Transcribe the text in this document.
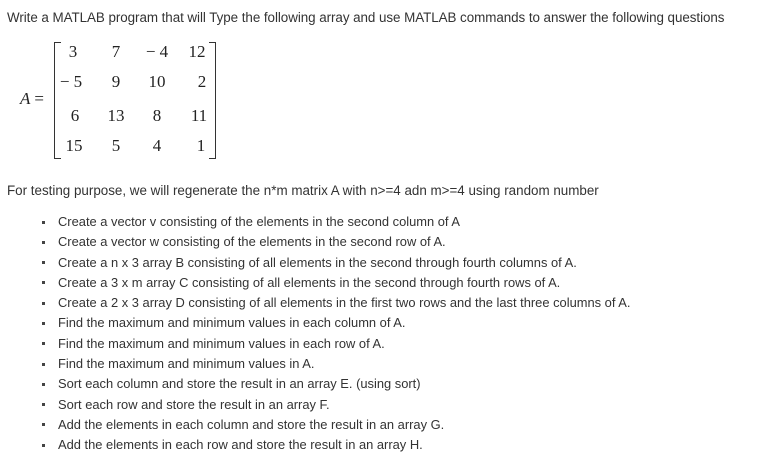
Write a MATLAB program that will Type the following array and use MATLAB commands to answer the following questions
A =
3	7	− 4	12
− 5	9	10	2
6	13	8	11
15	5	4	1
For testing purpose, we will regenerate the n*m matrix A with n>=4 adn m>=4 using random number
Create a vector v consisting of the elements in the second column of A
Create a vector w consisting of the elements in the second row of A.
Create a n x 3 array B consisting of all elements in the second through fourth columns of A.
Create a 3 x m array C consisting of all elements in the second through fourth rows of A.
Create a 2 x 3 array D consisting of all elements in the first two rows and the last three columns of A.
Find the maximum and minimum values in each column of A.
Find the maximum and minimum values in each row of A.
Find the maximum and minimum values in A.
Sort each column and store the result in an array E. (using sort)
Sort each row and store the result in an array F.
Add the elements in each column and store the result in an array G.
Add the elements in each row and store the result in an array H.
